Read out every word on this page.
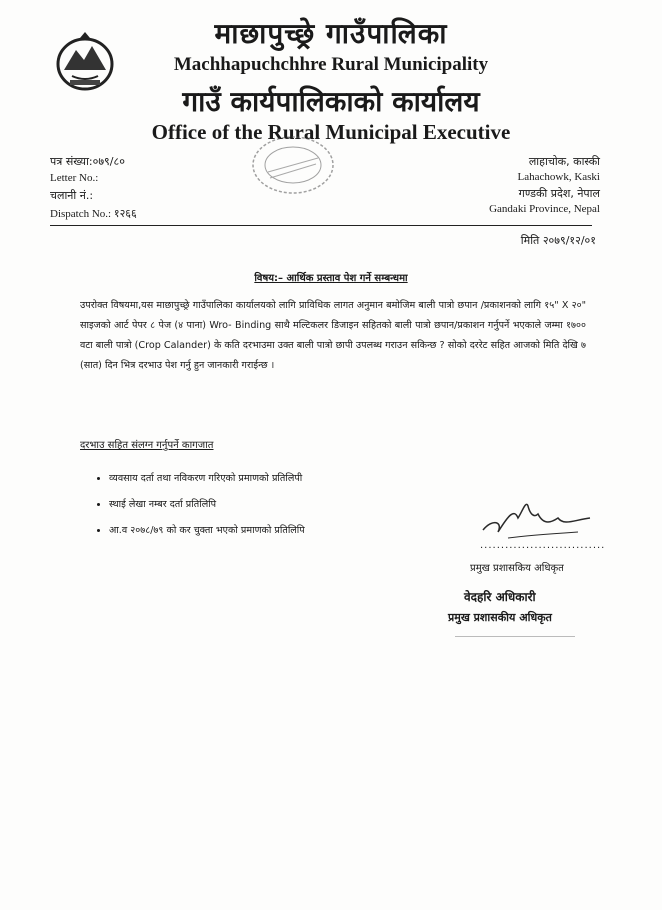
माछापुच्छ्रे गाउँपालिका
Machhapuchchhre Rural Municipality
गाउँ कार्यपालिकाको कार्यालय
Office of the Rural Municipal Executive
पत्र संख्या:०७९/८०
Letter No.:
चलानी नं.:
Dispatch No.: १२६६
लाहाचोक, कास्की
Lahachowk, Kaski
गण्डकी प्रदेश, नेपाल
Gandaki Province, Nepal
मिति २०७९/१२/०१
विषय:– आर्थिक प्रस्ताव पेश गर्ने सम्बन्धमा
उपरोक्त विषयमा,यस माछापुच्छ्रे गाउँपालिका कार्यालयको लागि प्राविधिक लागत अनुमान बमोजिम बाली पात्रो छपान /प्रकाशनको लागि १५" X २०" साइजको आर्ट पेपर ८ पेज (४ पाना) Wro- Binding साथै मल्टिकलर डिजाइन सहितको बाली पात्रो छपान/प्रकाशन गर्नुपर्ने भएकाले जम्मा १७०० वटा बाली पात्रो (Crop Calander) के कति दरभाउमा उक्त बाली पात्रो छापी उपलब्ध गराउन सकिन्छ ? सोको दररेट सहित आजको मिति देखि ७ (सात) दिन भित्र दरभाउ पेश गर्नु हुन जानकारी गराईन्छ ।
दरभाउ सहित संलग्न गर्नुपर्ने कागजात
• व्यवसाय दर्ता तथा नविकरण गरिएको प्रमाणको प्रतिलिपी
• स्थाई लेखा नम्बर दर्ता प्रतिलिपि
• आ.व २०७८/७९ को कर चुक्ता भएको प्रमाणको प्रतिलिपि
..............................
प्रमुख प्रशासकिय अधिकृत
वेदहरि अधिकारी
प्रमुख प्रशासकीय अधिकृत
